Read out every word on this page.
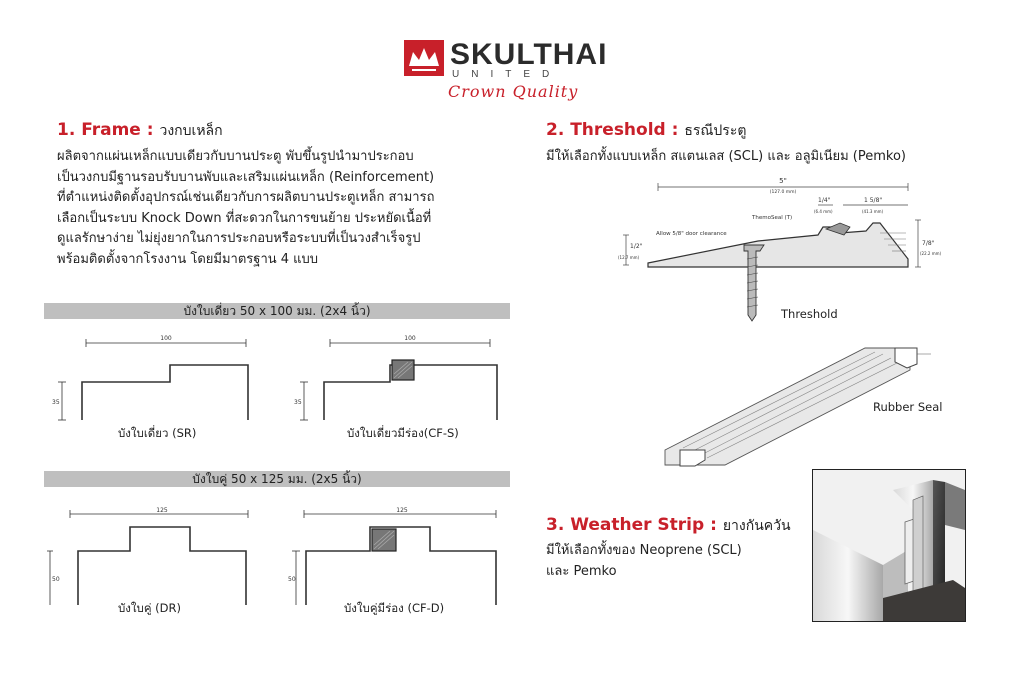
SKULTHAI
UNITED
Crown Quality
1. Frame : วงกบเหล็ก
ผลิตจากแผ่นเหล็กแบบเดียวกับบานประตู พับขึ้นรูปนำมาประกอบ
เป็นวงกบมีฐานรอบรับบานพับและเสริมแผ่นเหล็ก (Reinforcement)
ที่ตำแหน่งติดตั้งอุปกรณ์เช่นเดียวกับการผลิตบานประตูเหล็ก สามารถ
เลือกเป็นระบบ Knock Down ที่สะดวกในการขนย้าย ประหยัดเนื้อที่
ดูแลรักษาง่าย ไม่ยุ่งยากในการประกอบหรือระบบที่เป็นวงสำเร็จรูป
พร้อมติดตั้งจากโรงงาน โดยมีมาตรฐาน 4 แบบ
บังใบเดี่ยว 50 x 100 มม. (2x4 นิ้ว)
100
35
บังใบเดี่ยว (SR)
100
35
บังใบเดี่ยวมีร่อง(CF-S)
บังใบคู่ 50 x 125 มม. (2x5 นิ้ว)
125
50
บังใบคู่ (DR)
125
50
บังใบคู่มีร่อง (CF-D)
2. Threshold : ธรณีประตู
มีให้เลือกทั้งแบบเหล็ก สแตนเลส (SCL) และ อลูมิเนียม (Pemko)
5"
(127.0 mm)
1/4"
(6.4 mm)
1 5/8"
(41.3 mm)
ThemoSeal (T)
Allow 5/8" door clearance
1/2"
(12.7 mm)
7/8"
(22.2 mm)
Threshold
Rubber Seal
3. Weather Strip : ยางกันควัน
มีให้เลือกทั้งของ Neoprene (SCL)
และ Pemko
